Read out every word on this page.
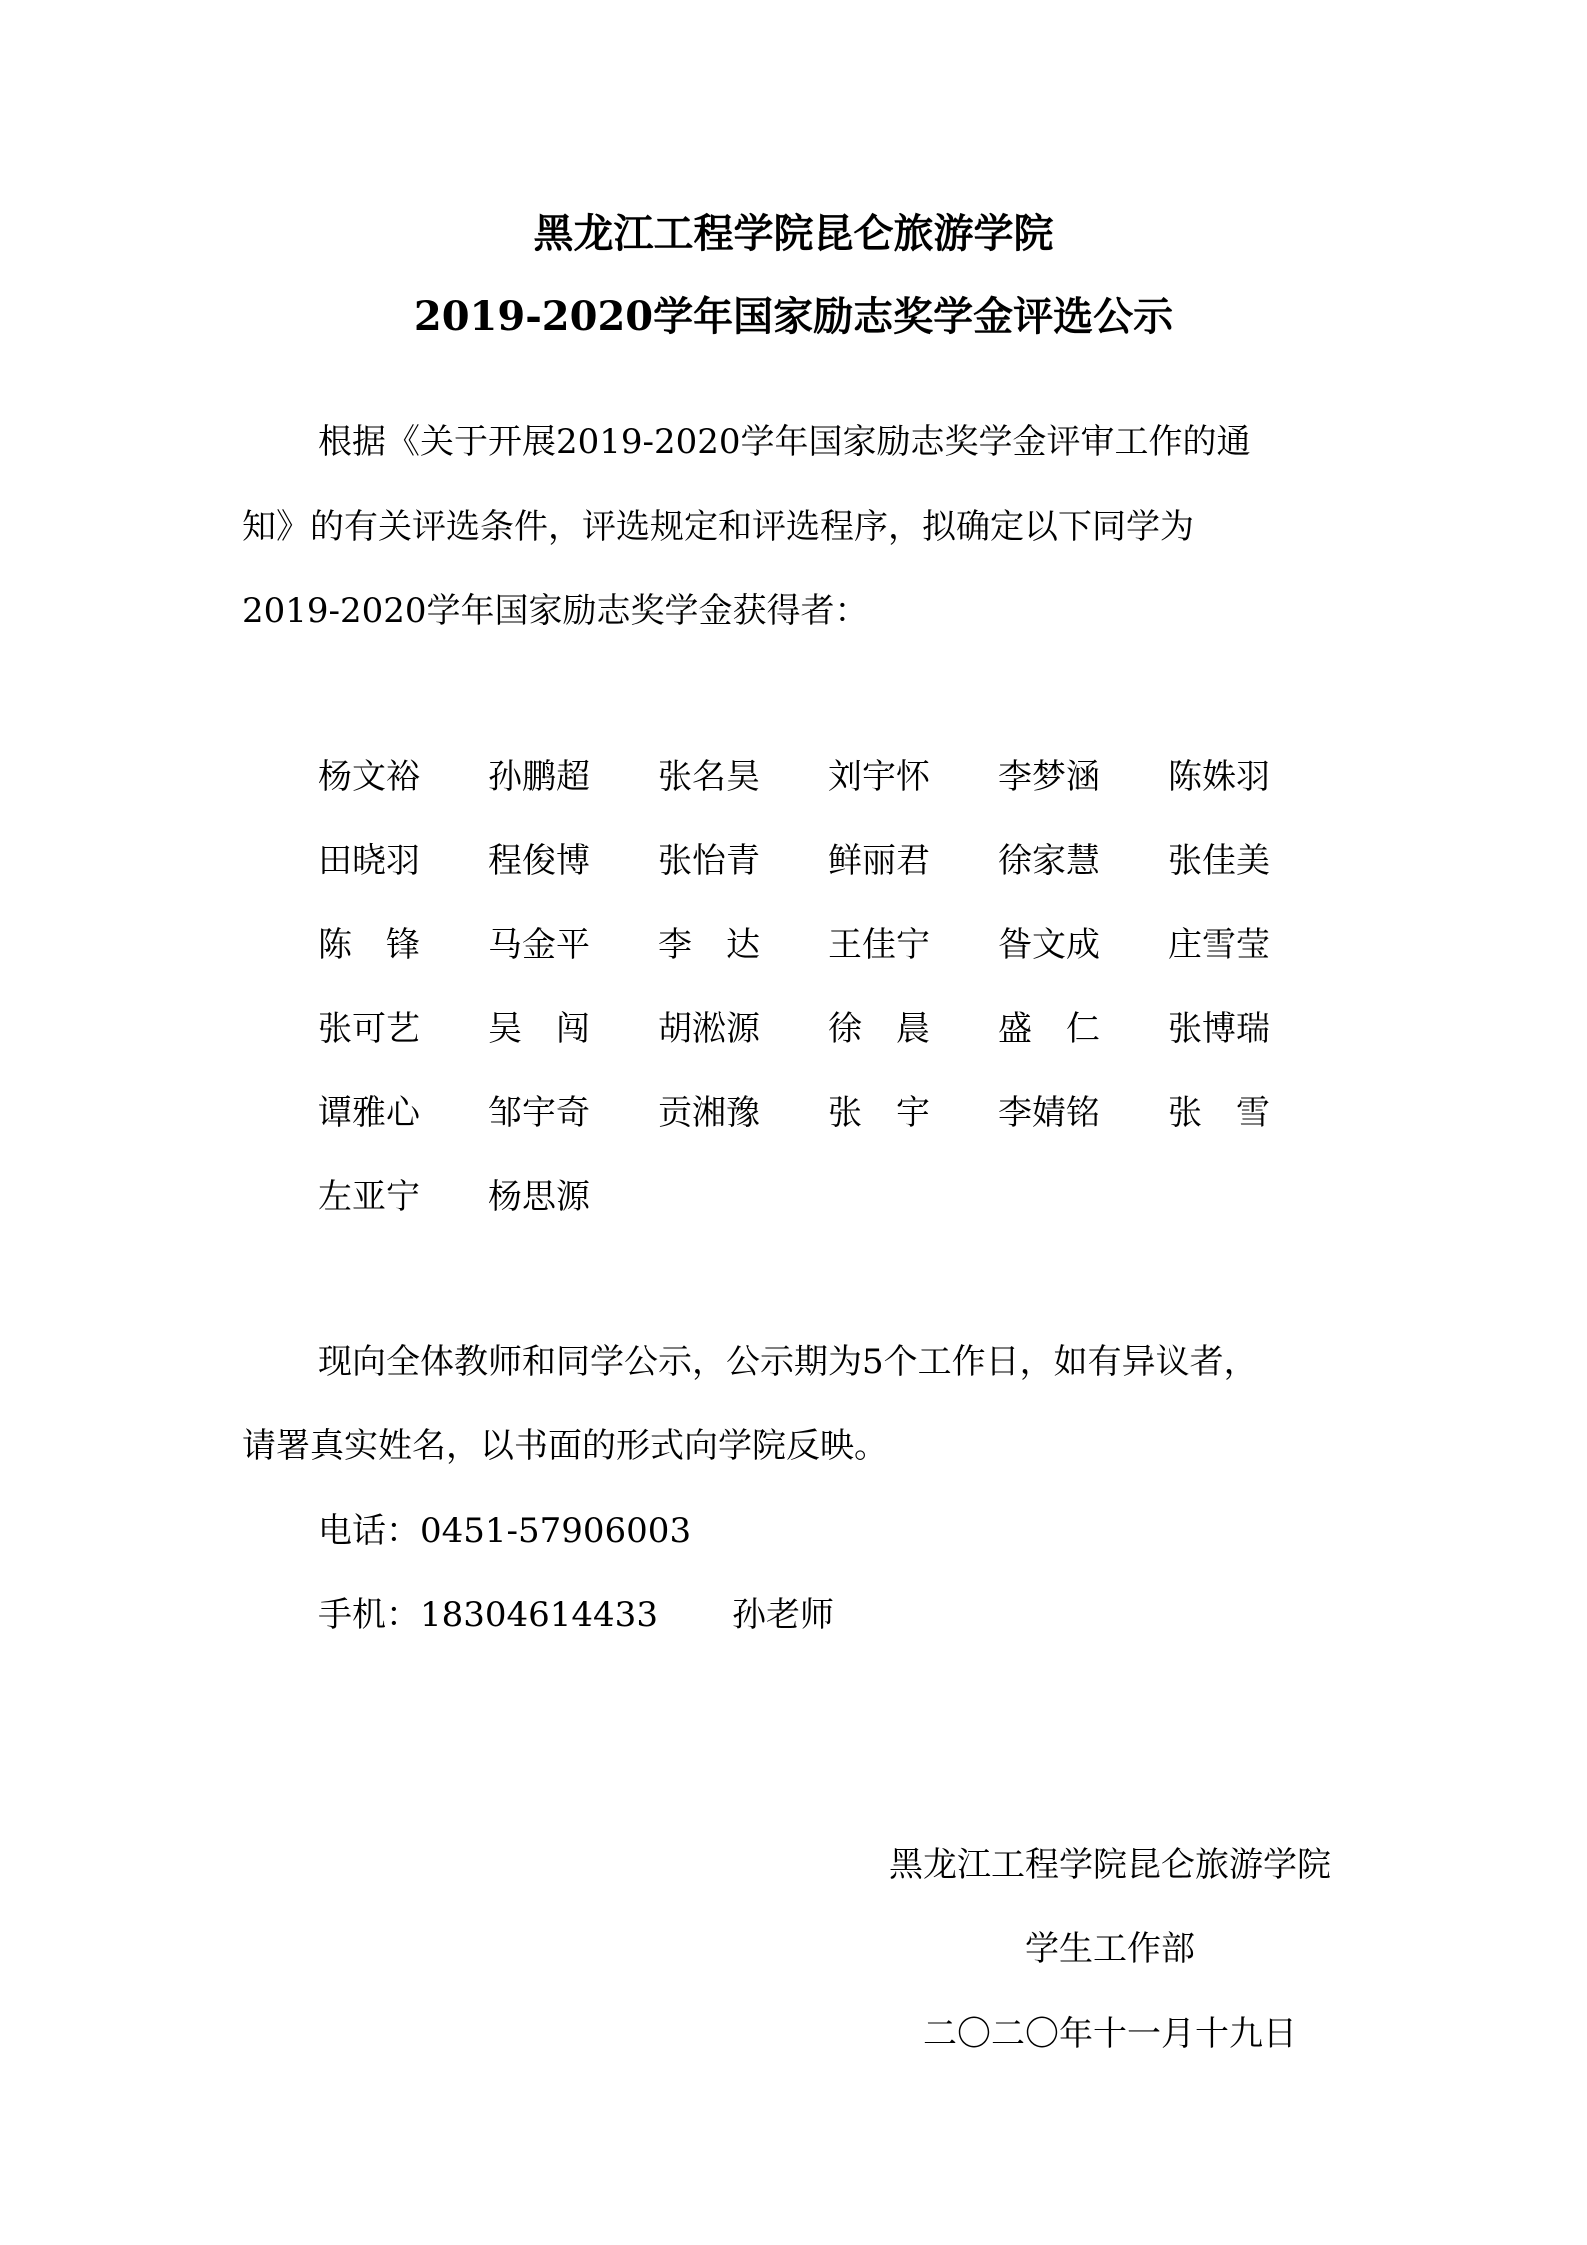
黑龙江工程学院昆仑旅游学院
2019-2020学年国家励志奖学金评选公示
根据《关于开展2019-2020学年国家励志奖学金评审工作的通
知》的有关评选条件，评选规定和评选程序，拟确定以下同学为
2019-2020学年国家励志奖学金获得者：
杨文裕 孙鹏超 张名昊 刘宇怀 李梦涵 陈姝羽
田晓羽 程俊博 张怡青 鲜丽君 徐家慧 张佳美
陈　锋 马金平 李　达 王佳宁 昝文成 庄雪莹
张可艺 吴　闯 胡淞源 徐　晨 盛　仁 张博瑞
谭雅心 邹宇奇 贡湘豫 张　宇 李婧铭 张　雪
左亚宁 杨思源
现向全体教师和同学公示，公示期为5个工作日，如有异议者，
请署真实姓名，以书面的形式向学院反映。
电话：0451-57906003
手机：18304614433 孙老师
黑龙江工程学院昆仑旅游学院
学生工作部
二〇二〇年十一月十九日
